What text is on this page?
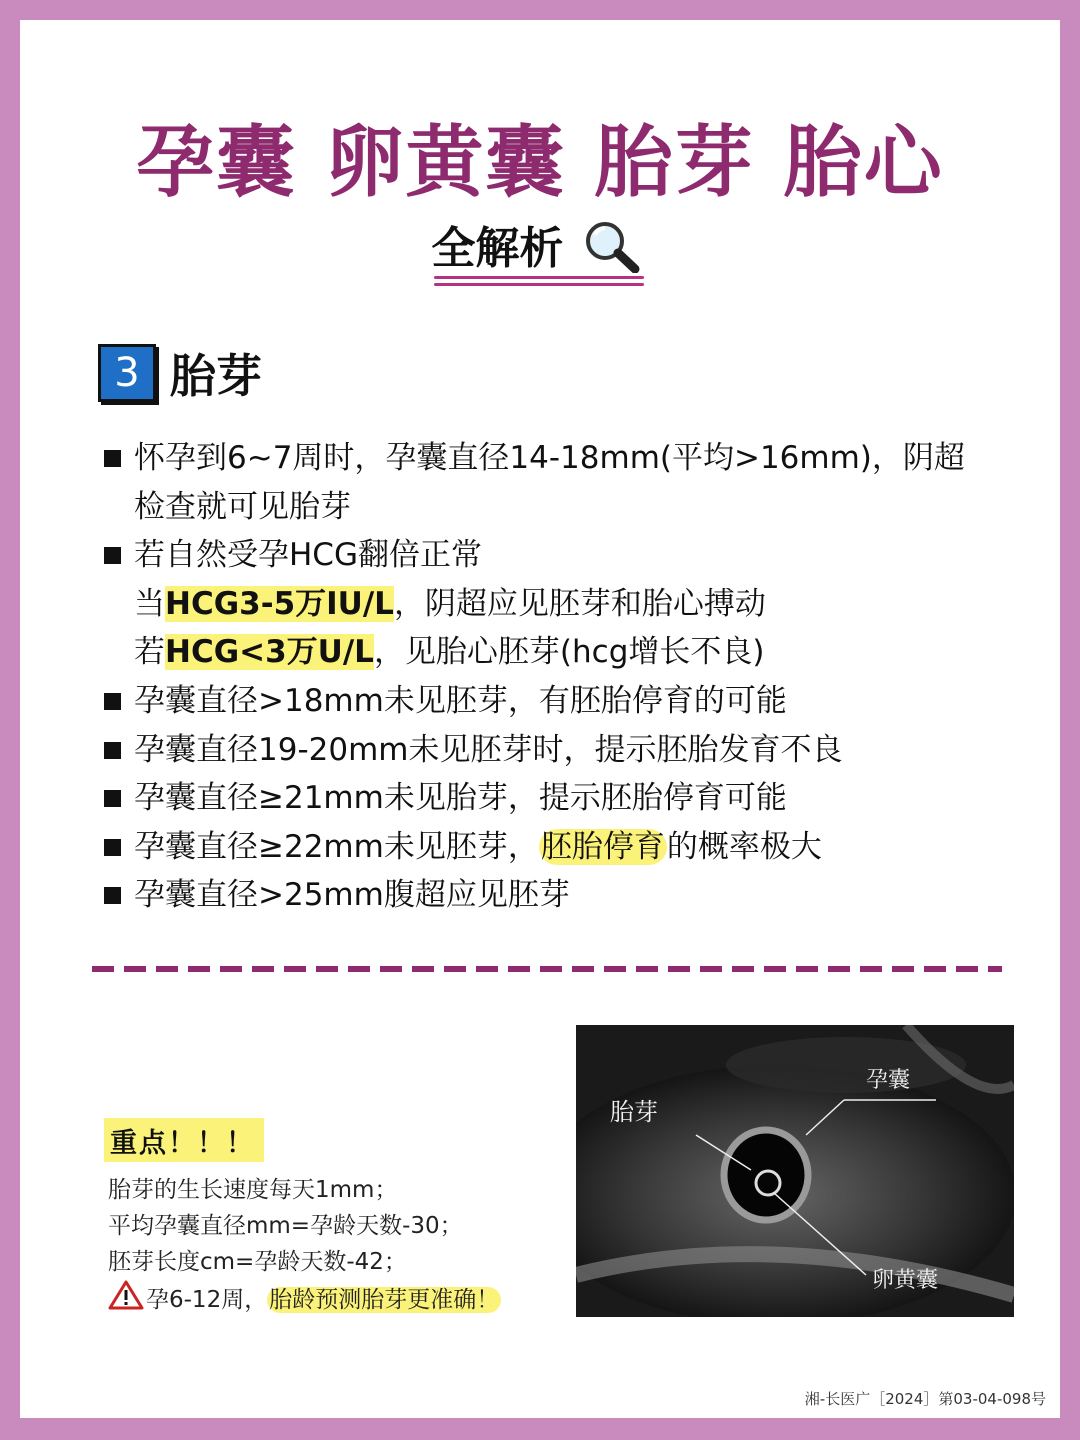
孕囊 卵黄囊 胎芽 胎心
全解析
3 胎芽
怀孕到6~7周时，孕囊直径14-18mm(平均>16mm)，阴超
检查就可见胎芽
若自然受孕HCG翻倍正常
当HCG3-5万IU/L，阴超应见胚芽和胎心搏动
若HCG<3万U/L，见胎心胚芽(hcg增长不良)
孕囊直径>18mm未见胚芽，有胚胎停育的可能
孕囊直径19-20mm未见胚芽时，提示胚胎发育不良
孕囊直径≥21mm未见胎芽，提示胚胎停育可能
孕囊直径≥22mm未见胚芽，胚胎停育的概率极大
孕囊直径>25mm腹超应见胚芽
重点！！！
胎芽的生长速度每天1mm；
平均孕囊直径mm=孕龄天数-30；
胚芽长度cm=孕龄天数-42；
孕6-12周，胎龄预测胎芽更准确！
胎芽
孕囊
卵黄囊
湘-长医广［2024］第03-04-098号
